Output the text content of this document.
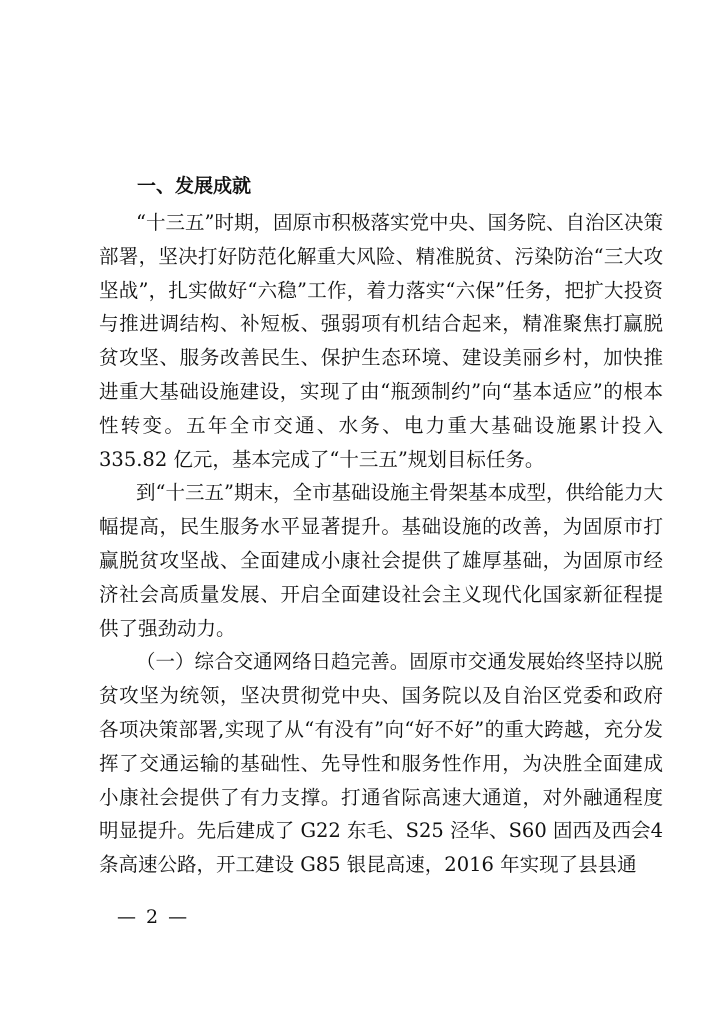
一、发展成就

“十三五”时期，固原市积极落实党中央、国务院、自治区决策部署，坚决打好防范化解重大风险、精准脱贫、污染防治“三大攻坚战”，扎实做好“六稳”工作，着力落实“六保”任务，把扩大投资与推进调结构、补短板、强弱项有机结合起来，精准聚焦打赢脱贫攻坚、服务改善民生、保护生态环境、建设美丽乡村，加快推进重大基础设施建设，实现了由“瓶颈制约”向“基本适应”的根本性转变。五年全市交通、水务、电力重大基础设施累计投入 335.82 亿元，基本完成了“十三五”规划目标任务。

到“十三五”期末，全市基础设施主骨架基本成型，供给能力大幅提高，民生服务水平显著提升。基础设施的改善，为固原市打赢脱贫攻坚战、全面建成小康社会提供了雄厚基础，为固原市经济社会高质量发展、开启全面建设社会主义现代化国家新征程提供了强劲动力。

（一）综合交通网络日趋完善。固原市交通发展始终坚持以脱贫攻坚为统领，坚决贯彻党中央、国务院以及自治区党委和政府各项决策部署,实现了从“有没有”向“好不好”的重大跨越，充分发挥了交通运输的基础性、先导性和服务性作用，为决胜全面建成小康社会提供了有力支撑。打通省际高速大通道，对外融通程度明显提升。先后建成了 G22 东毛、S25 泾华、S60 固西及西会4 条高速公路，开工建设 G85 银昆高速，2016 年实现了县县通

— 2 —
